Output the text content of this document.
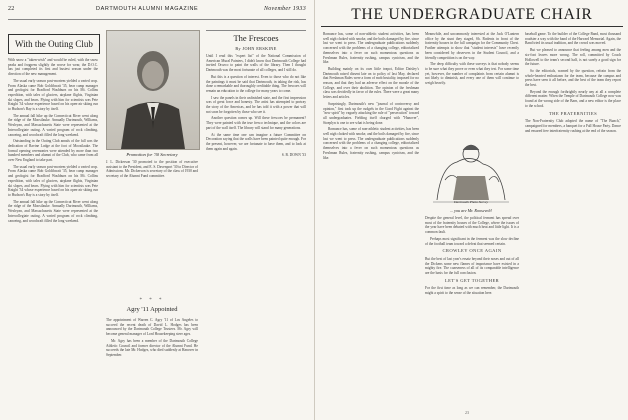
22	DARTMOUTH ALUMNI MAGAZINE	November 1933
With the Outing Club

With snow a "taken-wish" and would be ruled, with the snow peaks and frogpens slightly the worse for wear, the D.O.C. has just completed its first and busiest season under the direction of the new management.

The usual early season post-mortem yielded a varied crop. From Alaska came Bob Goldthwait '35, bear camp manager and geologist for Bradford Washburn on his Mt. Collins expedition, with tales of glaciers, airplane flights, Virginian ski slopes, and bears. Flying with him for scientists was Pete Knight '34 whose experience based on his open-air skiing run to Hudson's Bay is a story by itself.

The annual fall hike up the Connecticut River went along the ridge of the Moosilauke. Annually Dartmouth, Williams, Wesleyan, and Massachusetts State were represented at the Intercollegiate outing. A varied program of rock climbing, canoeing, and woodcraft filled the long weekend.

Outstanding in the Outing Club annals of the fall was the dedication of Ravine Lodge at the foot of Moosilauke. The formal opening ceremonies were attended by more than two hundred members and alumni of the Club, who came from all over New England to take part.

The usual early season post-mortem yielded a varied crop. From Alaska came Bob Goldthwait '35, bear camp manager and geologist for Bradford Washburn on his Mt. Collins expedition, with tales of glaciers, airplane flights, Virginian ski slopes, and bears. Flying with him for scientists was Pete Knight '34 whose experience based on his open-air skiing run to Hudson's Bay is a story by itself.

The annual fall hike up the Connecticut River went along the ridge of the Moosilauke. Annually Dartmouth, Williams, Wesleyan, and Massachusetts State were represented at the Intercollegiate outing. A varied program of rock climbing, canoeing, and woodcraft filled the long weekend.

Promotion for '30 Secretary
J. L. Dickerson '30 promoted to the position of executive assistant to the President, and E. S. Davenport '30 to Director of Admissions. Mr. Dickerson is secretary of the class of 1930 and secretary of the Alumni Fund committee.
* * *
Agry '11 Appointed

The appointment of Warren C. Agry '11 of Los Angeles to succeed the recent death of David L. Hodges has been announced by the Dartmouth College Trustees. Mr. Agry will become general manager of Lord Housekeeping steer ages.

Mr. Agry has been a member of the Dartmouth College Athletic Council and former director of the Alumni Fund. He succeeds the late Mr. Hodges, who died suddenly at Hanover in September.

The Frescoes
By JOHN ERSKINE

Until I read this "expert list" of the National Commission of American Mural Painters, I didn't know that Dartmouth College had invited Orozco to paint the walls of the library. Then I thought Dartmouth was the most fortunate of all colleges, and I still do.

But this is a question of interest. Even to those who do not like the paintings it must be said that Dartmouth, in taking the risk, has done a remarkable and thoroughly creditable thing. The frescoes will remain an education to the college for many years to come.

I saw the panels in their unfinished state, and the first impression was of great force and honesty. The artist has attempted to portray the story of the Americas, and he has told it with a power that will not soon be forgotten by those who see it.

Another question comes up. Will these frescoes be permanent? They were painted with the true fresco technique, and the colors are part of the wall itself. The library will stand for many generations.

At the same time one can imagine a future Committee on Decoration saying that the walls have been painted quite enough. For the present, however, we are fortunate to have them, and to look at them again and again.

S. B. DOWN '33

THE UNDERGRADUATE CHAIR

Romance has, some of non-athletic student activities, has been well nigh choked with smoke, and the boils damaged by fire, since last we went to press. The undergraduate publications suddenly concerned with the problems of a changing college, editorialized themselves into a fever on such momentous questions as Freshman Rules, fraternity rushing, campus cynicism, and the like.

Building mainly on its own little teapot, Editor Daisley's Dartmouth raised dissent late on to policy of last May, declared that Freshman Rules were a form of mob brutality, imposed for no reason, and that they had an adverse effect on the morale of the College, and over their abolition. The opinion of the freshman class was decidedly in favor of the rules. There were a great many letters and articles.

Surprisingly, Dartmouth's new "journal of controversy and opinion," first took up the cudgels in the Good Fight against the "new spirit" by vaguely attacking the rule of "persecution" toward all undergraduates. Fielding itself charged with "Hanover", Stoeplyn is one to see what is being done.

Romance has, some of non-athletic student activities, has been well nigh choked with smoke, and the boils damaged by fire, since last we went to press. The undergraduate publications suddenly concerned with the problems of a changing college, editorialized themselves into a fever on such momentous questions as Freshman Rules, fraternity rushing, campus cynicism, and the like.

Meanwhile, and uncommonly interested at the Jack O'Lantern office by the stunt they staged, Sh. Rodents in front of the fraternity houses in the fall campaign for the Community Chest. Further attempts to show that "student interests" have recently been considered by observers in the Student Council, and a friendly competition is on the way.

The deep difficulty with these surveys is that nobody seems to be sure what they prove or even what they test. For some time yet, however, the number of complaints from certain alumni is not likely to diminish, and every one of them will continue to weigh heavily.

Dartmouth Photo Survey
... you are Mr. Roosevelt!

Despite the general level, the political ferment has spread over most of the fraternity houses of the College, where the issues of the year have been debated with much heat and little light. It is a common fault.

Perhaps most significant in the ferment was the slow decline of the football team toward a defeat that seemed certain.

CROWLEY ONCE AGAIN

But the best of last year's ersatz beyond their noses and out of all the Dickens some new flames of importance have existed in a mighty fire. The coarseness of all of its comparable intelligence are the basis for the full conclusion.

LET'S GET TOGETHER

For the first time as long as we can remember, the Dartmouth might a spirit to the sense of the situation here.

baseball game. To the builder of the College Band, most thousand roadster a way with the band of the Harvard Memorial. Again, the Band tried its usual tradition, and the crowd was moved.

But we pleased to announce that feeling among men and the six-foot leaves more wrong. The roll, committed by Coach Hollowell to the team's second half, is not surely a good sign for the future.

So the editorials, warned by the question, refrain from the whole-hearted enthusiasm for the team, because the campus and press have seen it all before, and the best of the team they report the best.

Beyond the enough forthrightly nearly any at all a complete different matter. When the Temple of Dartmouth College now was found at the wrong side of the Barn, and a new editor is the place to the school.

THE FRATERNITIES

The Non-Fraternity Club adopted the name of "The Bunch," campaigned for members, a banquet for a Fall House Party. Dance and ensured free interfraternity rushing at the end of the season.

23
